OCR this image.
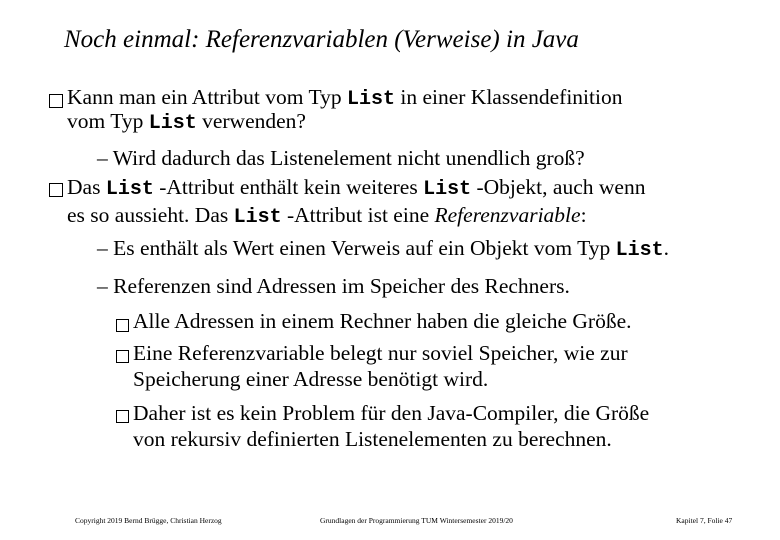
Noch einmal: Referenzvariablen (Verweise) in Java
Kann man ein Attribut vom Typ List in einer Klassendefinition
vom Typ List verwenden?
– Wird dadurch das Listenelement nicht unendlich groß?
Das List -Attribut enthält kein weiteres List -Objekt, auch wenn
es so aussieht. Das List -Attribut ist eine Referenzvariable:
– Es enthält als Wert einen Verweis auf ein Objekt vom Typ List.
– Referenzen sind Adressen im Speicher des Rechners.
Alle Adressen in einem Rechner haben die gleiche Größe.
Eine Referenzvariable belegt nur soviel Speicher, wie zur
Speicherung einer Adresse benötigt wird.
Daher ist es kein Problem für den Java-Compiler, die Größe
von rekursiv definierten Listenelementen zu berechnen.
Copyright 2019 Bernd Brügge, Christian Herzog	Grundlagen der Programmierung TUM Wintersemester 2019/20	Kapitel 7, Folie 47
